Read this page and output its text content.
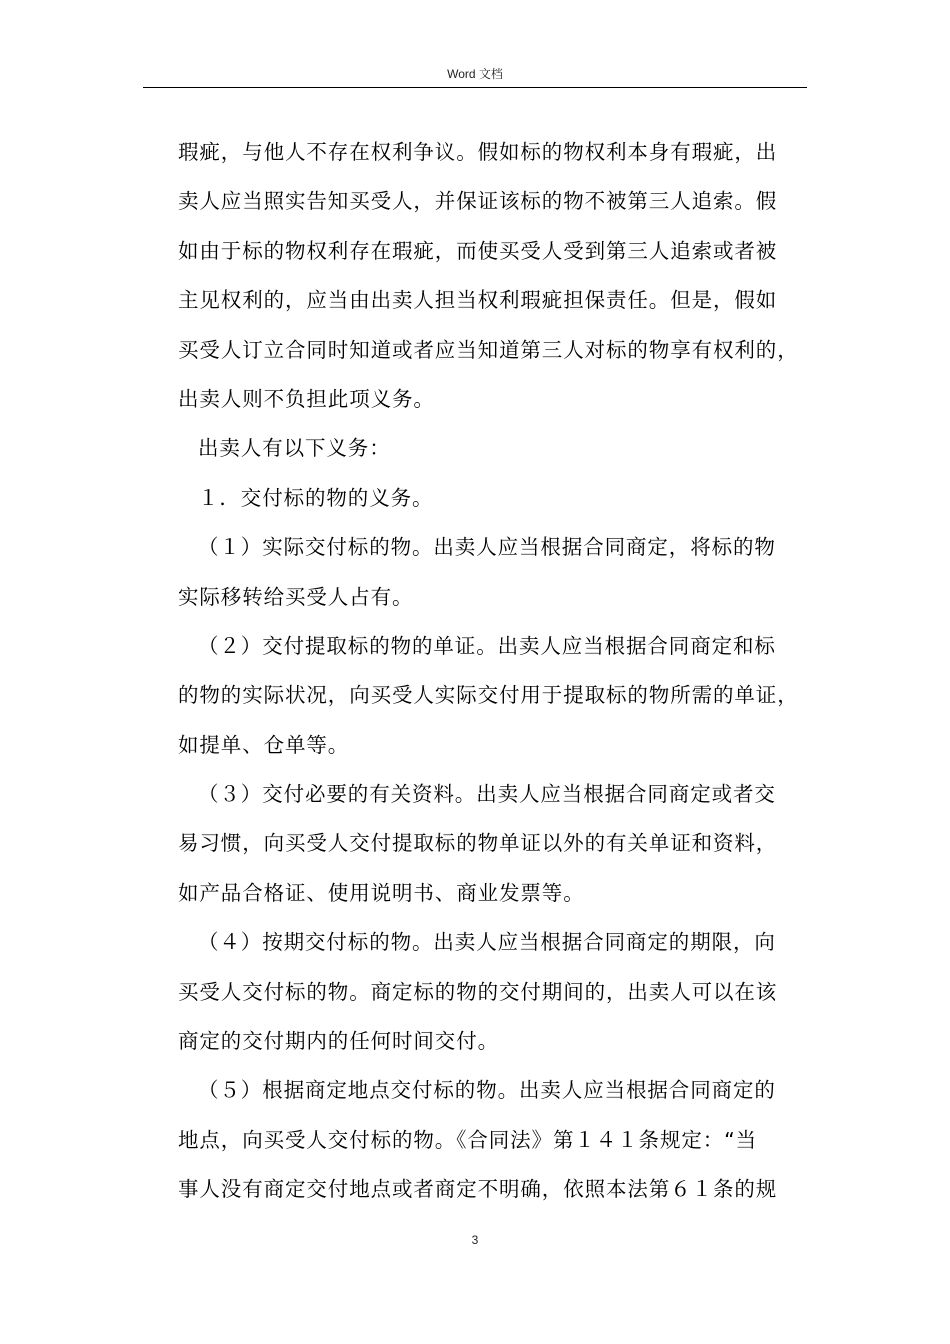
Word 文档
瑕疵，与他人不存在权利争议。假如标的物权利本身有瑕疵，出
卖人应当照实告知买受人，并保证该标的物不被第三人追索。假
如由于标的物权利存在瑕疵，而使买受人受到第三人追索或者被
主见权利的，应当由出卖人担当权利瑕疵担保责任。但是，假如
买受人订立合同时知道或者应当知道第三人对标的物享有权利的，
出卖人则不负担此项义务。
出卖人有以下义务：
１．交付标的物的义务。
（１）实际交付标的物。出卖人应当根据合同商定，将标的物
实际移转给买受人占有。
（２）交付提取标的物的单证。出卖人应当根据合同商定和标
的物的实际状况，向买受人实际交付用于提取标的物所需的单证，
如提单、仓单等。
（３）交付必要的有关资料。出卖人应当根据合同商定或者交
易习惯，向买受人交付提取标的物单证以外的有关单证和资料，
如产品合格证、使用说明书、商业发票等。
（４）按期交付标的物。出卖人应当根据合同商定的期限，向
买受人交付标的物。商定标的物的交付期间的，出卖人可以在该
商定的交付期内的任何时间交付。
（５）根据商定地点交付标的物。出卖人应当根据合同商定的
地点，向买受人交付标的物。《合同法》第１４１条规定：“当
事人没有商定交付地点或者商定不明确，依照本法第６１条的规
3
